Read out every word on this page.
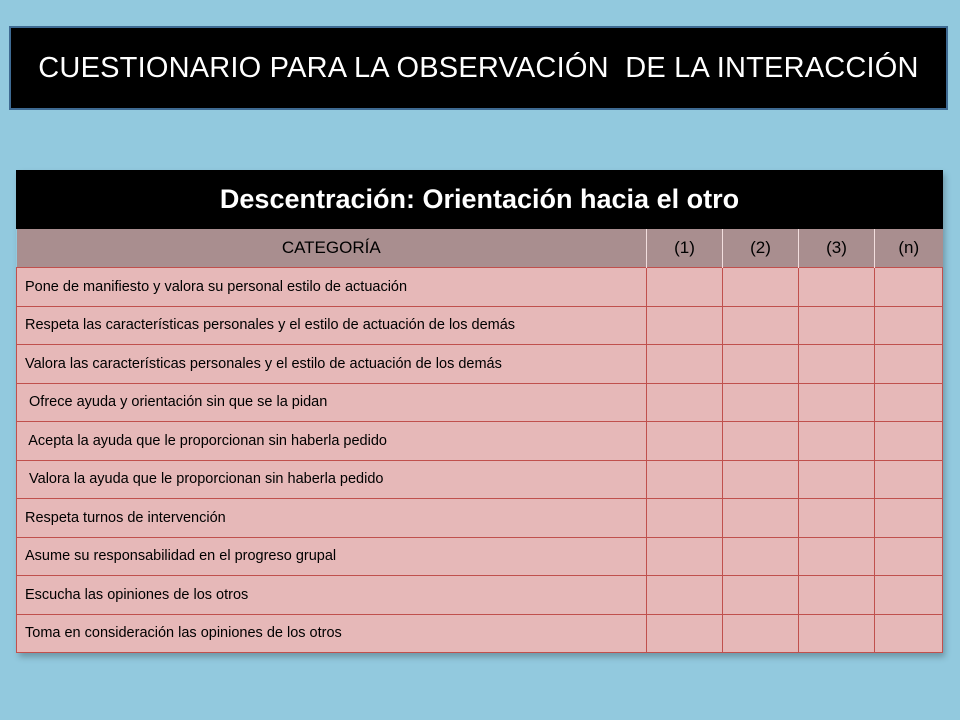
CUESTIONARIO PARA LA OBSERVACIÓN  DE LA INTERACCIÓN
Descentración: Orientación hacia el otro				
CATEGORÍA	(1)	(2)	(3)	(n)
Pone de manifiesto y valora su personal estilo de actuación				
Respeta las características personales y el estilo de actuación de los demás				
Valora las características personales y el estilo de actuación de los demás				
Ofrece ayuda y orientación sin que se la pidan				
Acepta la ayuda que le proporcionan sin haberla pedido				
Valora la ayuda que le proporcionan sin haberla pedido				
Respeta turnos de intervención				
Asume su responsabilidad en el progreso grupal				
Escucha las opiniones de los otros				
Toma en consideración las opiniones de los otros				
